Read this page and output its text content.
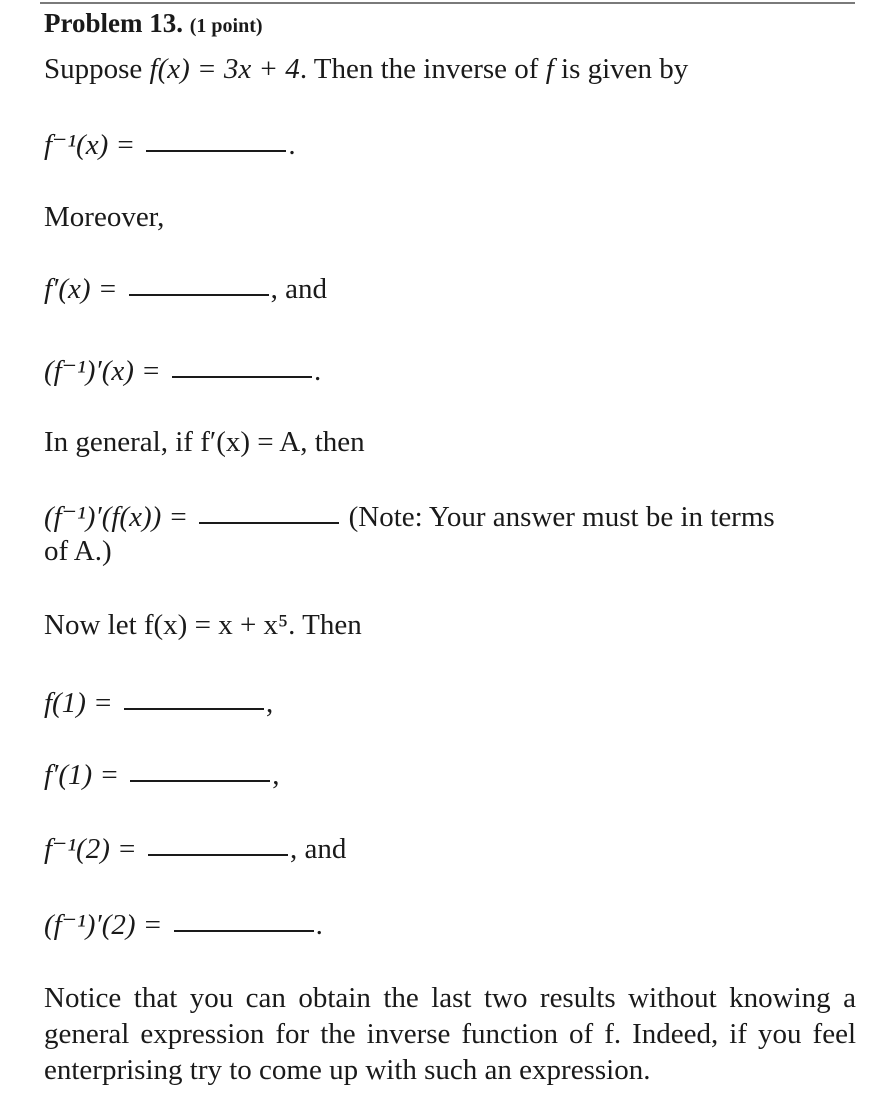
Problem 13. (1 point)
Suppose f(x) = 3x + 4. Then the inverse of f is given by
f⁻¹(x) =	.
Moreover,
f′(x) =	, and
(f⁻¹)′(x) =	.
In general, if f′(x) = A, then
(f⁻¹)′(f(x)) =	(Note: Your answer must be in terms
of A.)
Now let f(x) = x + x⁵. Then
f(1) =	,
f′(1) =	,
f⁻¹(2) =	, and
(f⁻¹)′(2) =	.
Notice that you can obtain the last two results without knowing a general expression for the inverse function of f. Indeed, if you feel enterprising try to come up with such an expression.
